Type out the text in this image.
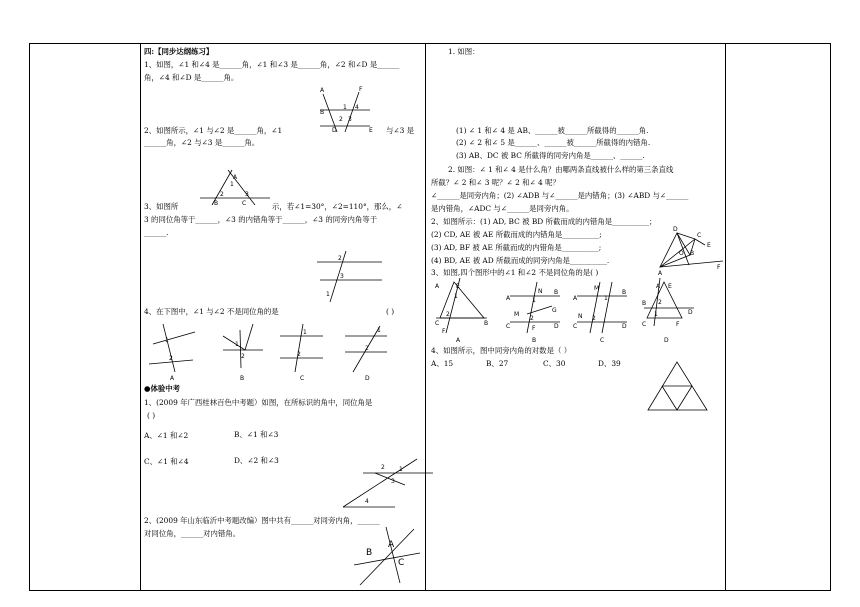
四:【同步达纲练习】
1、如图，∠1 和∠4 是______角，∠1 和∠3 是______角，∠2 和∠D 是______
角，∠4 和∠D 是______角。
A	F
B
1 4
2 3
D	E
2、如图所示，∠1 与∠2 是______角，∠1	与∠3 是
______角，∠2 与∠3 是______角。
A
1
B
2
C
3
3、如图所	示，若∠1=30°，∠2=110°，那么，∠
3 的同位角等于______，∠3 的内错角等于______，∠3 的同旁内角等于
______.
2
3
1
4、在下图中，∠1 与∠2 不是同位角的是	( )
1
2
1
2
1
2
1
2
A	B	C	D
●体验中考
1、(2009 年广西桂林百色中考题）如图，在所标识的角中，同位角是
( )
A、∠1 和∠2	B、∠1 和∠3
C、∠1 和∠4	D、∠2 和∠3
2 1
3
4
2、(2009 年山东临沂中考题改编）图中共有______对同旁内角，______
对同位角，______对内错角。
B
A
C
1. 如图：
(1) ∠ 1 和∠ 4 是 AB、______被______所截得的______角.
(2) ∠ 2 和∠ 5 是______、______被______所截得的内错角.
(3) AB、DC 被 BC 所截得的同旁内角是______、______.
2. 如图：∠ 1 和∠ 4 是什么角？由哪两条直线被什么样的第三条直线
所截？∠ 2 和∠ 3 呢？∠ 2 和∠ 4 呢？
∠______是同旁内角；(2) ∠ADB 与∠______是内错角；(3) ∠ABD 与∠______
是内错角，∠ADC 与∠______是同旁内角。
2、如图所示：(1) AD, BC 被 BD 所截而成的内错角是__________；
(2) CD, AE 被 AE 所截而成的内错角是__________;
(3) AD, BF 被 AE 所截而成的内错角是__________;
(4) BD, AE 被 AD 所截而成的同旁内角是__________.
A
D
C
B
E
O
F
3、如图,四个图形中的∠1 和∠2 不是同位角的是( )
A	E
1
B
2
C
F
A
B
M
N
1
2
G
F
C	D
A
M
B
1
N 2
C	D
A E
2
B
1
C	F
D
A	B	C	D
4、如图所示，图中同旁内角的对数是（ ）
A、15	B、27	C、30	D、39
